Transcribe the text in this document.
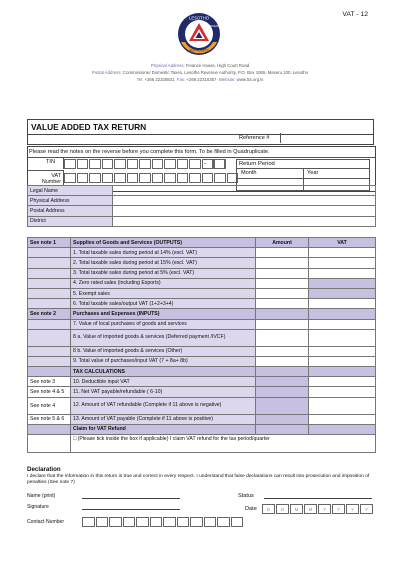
VAT - 12
LESOTHO
AUTHORITY
REVENUE
Physical Address: Finance House, High Court Road
Postal Address: Commissioner Domestic Taxes, Lesotho Revenue Authority, P.O. Box 1065, Maseru 100, Lesotho
Tel: +266 22325831 Fax: +266 22310357 Website: www.lra.org.ls
VALUE ADDED TAX RETURN
Reference #
Please read the notes on the reverse before you complete this form. To be filled in Quadruplicate.
TIN	-
VAT Number
Return Period
Month	Year
Legal Name	
Physical Address	
Postal Address	
District	
See note 1	Supplies of Goods and Services (OUTPUTS)	Amount	VAT
	1. Total taxable sales during period at 14% (excl. VAT)		
	2. Total taxable sales during period at 15% (excl. VAT)		
	3. Total taxable sales during period at 5% (excl. VAT)		
	4. Zero rated sales (including Exports)		
	5. Exempt sales		
	6. Total taxable sales/output VAT (1+2+3+4)		
See note 2	Purchases and Expenses (INPUTS)		
	7. Value of local purchases of goods and services		
	8 a. Value of imported goods & services (Deferred payment /IVCF)		
	8 b. Value of imported goods & services (Other)		
	9. Total value of purchases/input VAT (7 + 8a+ 8b)		
	TAX CALCULATIONS		
See note 3	10. Deductible input VAT		
See note 4 & 5	11. Net VAT payable/refundable ( 6-10)		
See note 4	12. Amount of VAT refundable (Complete if 11 above is negative)		
See note 5 & 6	13. Amount of VAT payable (Complete if 11 above is positive)		
	Claim for VAT Refund		
	□ (Please tick inside the box if applicable) I claim VAT refund for the tax period/quarter		
Declaration
I declare that the information in this return is true and correct in every respect. I understand that false declarations can result into prosecution and imposition of penalties (See note 7)
Name (print)	Status
Signature	Date	D	D	M	M	Y	Y	Y	Y
Contact Number
